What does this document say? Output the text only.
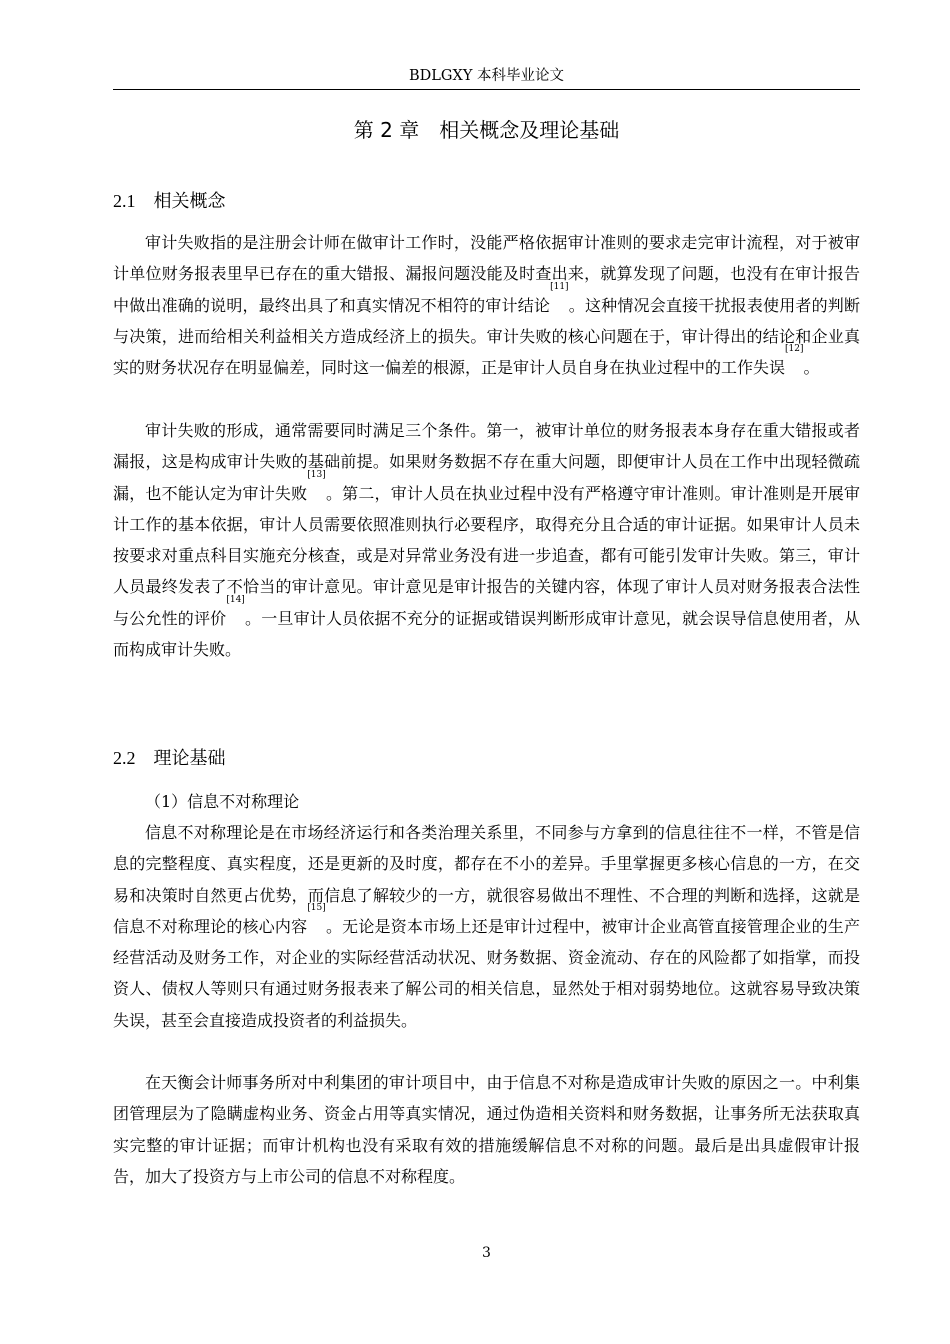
BDLGXY 本科毕业论文
第 2 章　相关概念及理论基础
2.1 相关概念

审计失败指的是注册会计师在做审计工作时，没能严格依据审计准则的要求走完审计流程，对于被审计单位财务报表里早已存在的重大错报、漏报问题没能及时查出来，就算发现了问题，也没有在审计报告中做出准确的说明，最终出具了和真实情况不相符的审计结论[11]。这种情况会直接干扰报表使用者的判断与决策，进而给相关利益相关方造成经济上的损失。审计失败的核心问题在于，审计得出的结论和企业真实的财务状况存在明显偏差，同时这一偏差的根源，正是审计人员自身在执业过程中的工作失误[12]。

审计失败的形成，通常需要同时满足三个条件。第一，被审计单位的财务报表本身存在重大错报或者漏报，这是构成审计失败的基础前提。如果财务数据不存在重大问题，即便审计人员在工作中出现轻微疏漏，也不能认定为审计失败[13]。第二，审计人员在执业过程中没有严格遵守审计准则。审计准则是开展审计工作的基本依据，审计人员需要依照准则执行必要程序，取得充分且合适的审计证据。如果审计人员未按要求对重点科目实施充分核查，或是对异常业务没有进一步追查，都有可能引发审计失败。第三，审计人员最终发表了不恰当的审计意见。审计意见是审计报告的关键内容，体现了审计人员对财务报表合法性与公允性的评价[14]。一旦审计人员依据不充分的证据或错误判断形成审计意见，就会误导信息使用者，从而构成审计失败。

2.2 理论基础
（1）信息不对称理论

信息不对称理论是在市场经济运行和各类治理关系里，不同参与方拿到的信息往往不一样，不管是信息的完整程度、真实程度，还是更新的及时度，都存在不小的差异。手里掌握更多核心信息的一方，在交易和决策时自然更占优势，而信息了解较少的一方，就很容易做出不理性、不合理的判断和选择，这就是信息不对称理论的核心内容[15]。无论是资本市场上还是审计过程中，被审计企业高管直接管理企业的生产经营活动及财务工作，对企业的实际经营活动状况、财务数据、资金流动、存在的风险都了如指掌，而投资人、债权人等则只有通过财务报表来了解公司的相关信息，显然处于相对弱势地位。这就容易导致决策失误，甚至会直接造成投资者的利益损失。

在天衡会计师事务所对中利集团的审计项目中，由于信息不对称是造成审计失败的原因之一。中利集团管理层为了隐瞒虚构业务、资金占用等真实情况，通过伪造相关资料和财务数据，让事务所无法获取真实完整的审计证据；而审计机构也没有采取有效的措施缓解信息不对称的问题。最后是出具虚假审计报告，加大了投资方与上市公司的信息不对称程度。

3
